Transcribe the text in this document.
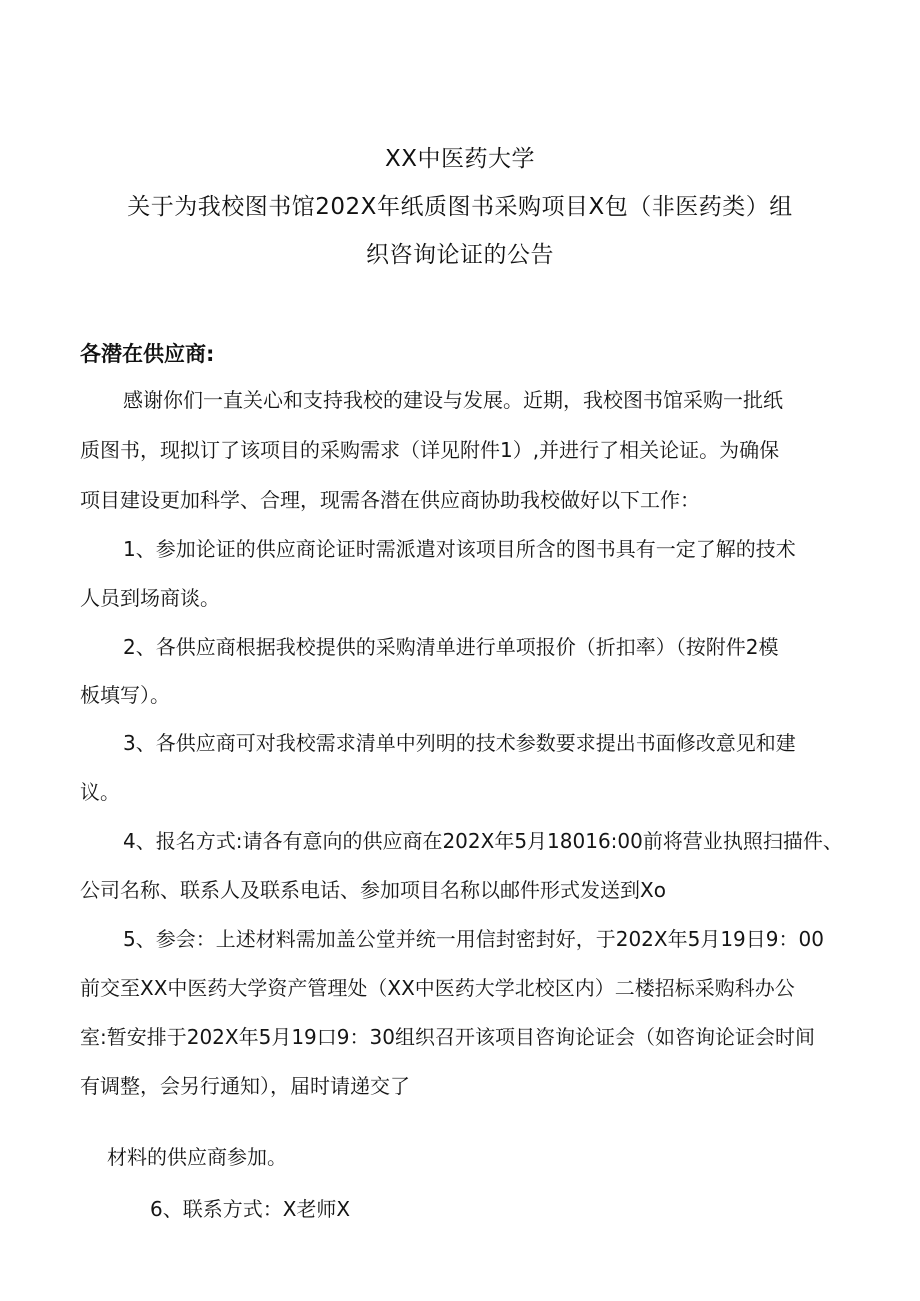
XX中医药大学
关于为我校图书馆202X年纸质图书采购项目X包（非医药类）组
织咨询论证的公告
各潜在供应商:
感谢你们一直关心和支持我校的建设与发展。近期，我校图书馆采购一批纸
质图书，现拟订了该项目的采购需求（详见附件1）,并进行了相关论证。为确保
项目建设更加科学、合理，现需各潜在供应商协助我校做好以下工作：
1、参加论证的供应商论证时需派遣对该项目所含的图书具有一定了解的技术
人员到场商谈。
2、各供应商根据我校提供的采购清单进行单项报价（折扣率）（按附件2模
板填写）。
3、各供应商可对我校需求清单中列明的技术参数要求提出书面修改意见和建
议。
4、报名方式:请各有意向的供应商在202X年5月18016:00前将营业执照扫描件、
公司名称、联系人及联系电话、参加项目名称以邮件形式发送到Xo
5、参会：上述材料需加盖公堂并统一用信封密封好，于202X年5月19日9：00
前交至XX中医药大学资产管理处（XX中医药大学北校区内）二楼招标采购科办公
室:暂安排于202X年5月19口9：30组织召开该项目咨询论证会（如咨询论证会时间
有调整，会另行通知），届时请递交了
材料的供应商参加。
6、联系方式：X老师X
